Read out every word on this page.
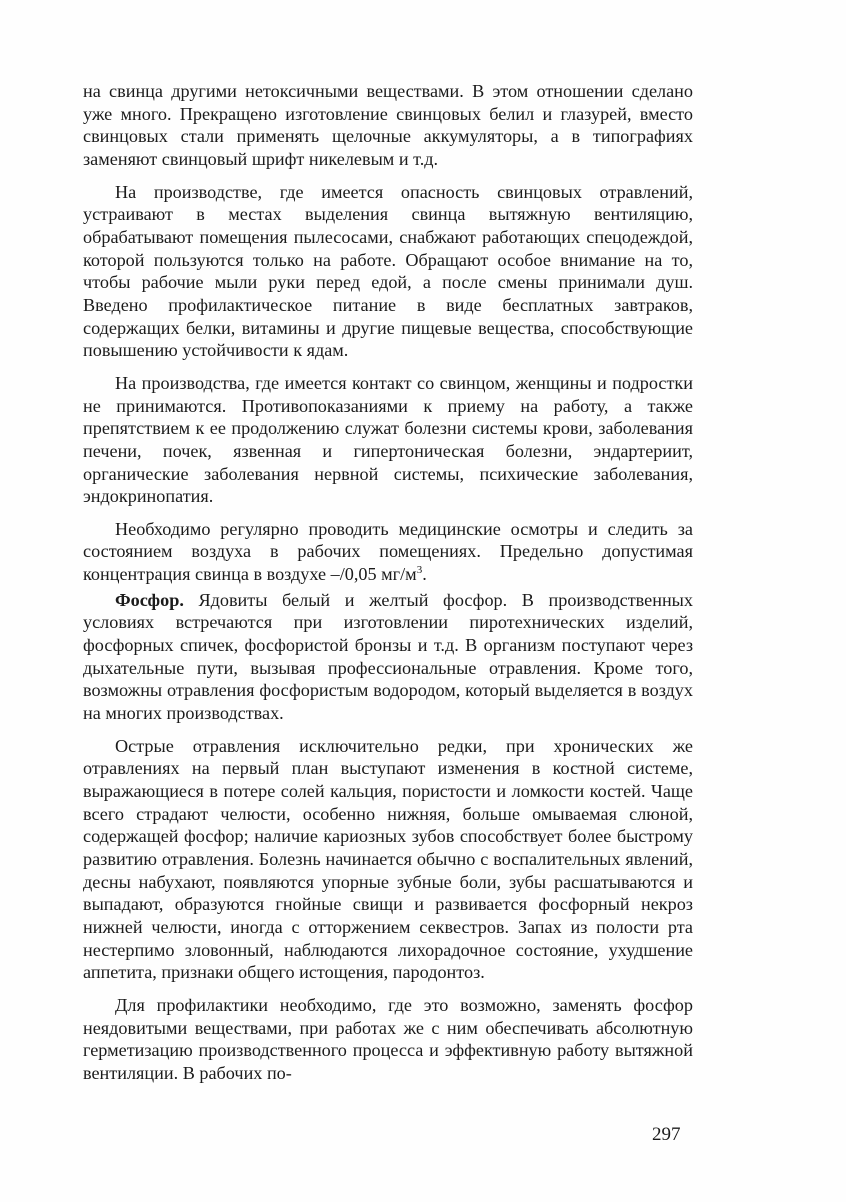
на свинца другими нетоксичными веществами. В этом отношении сделано уже много. Прекращено изготовление свинцовых белил и глазурей, вместо свинцовых стали применять щелочные аккумуляторы, а в типографиях заменяют свинцовый шрифт никелевым и т.д.

На производстве, где имеется опасность свинцовых отравлений, устраивают в местах выделения свинца вытяжную вентиляцию, обрабатывают помещения пылесосами, снабжают работающих спецодеждой, которой пользуются только на работе. Обращают особое внимание на то, чтобы рабочие мыли руки перед едой, а после смены принимали душ. Введено профилактическое питание в виде бесплатных завтраков, содержащих белки, витамины и другие пищевые вещества, способствующие повышению устойчивости к ядам.

На производства, где имеется контакт со свинцом, женщины и подростки не принимаются. Противопоказаниями к приему на работу, а также препятствием к ее продолжению служат болезни системы крови, заболевания печени, почек, язвенная и гипертоническая болезни, эндартериит, органические заболевания нервной системы, психические заболевания, эндокринопатия.

Необходимо регулярно проводить медицинские осмотры и следить за состоянием воздуха в рабочих помещениях. Предельно допустимая концентрация свинца в воздухе –/0,05 $мг/м^3$.

Фосфор. Ядовиты белый и желтый фосфор. В производственных условиях встречаются при изготовлении пиротехнических изделий, фосфорных спичек, фосфористой бронзы и т.д. В организм поступают через дыхательные пути, вызывая профессиональные отравления. Кроме того, возможны отравления фосфористым водородом, который выделяется в воздух на многих производствах.

Острые отравления исключительно редки, при хронических же отравлениях на первый план выступают изменения в костной системе, выражающиеся в потере солей кальция, пористости и ломкости костей. Чаще всего страдают челюсти, особенно нижняя, больше омываемая слюной, содержащей фосфор; наличие кариозных зубов способствует более быстрому развитию отравления. Болезнь начинается обычно с воспалительных явлений, десны набухают, появляются упорные зубные боли, зубы расшатываются и выпадают, образуются гнойные свищи и развивается фосфорный некроз нижней челюсти, иногда с отторжением секвестров. Запах из полости рта нестерпимо зловонный, наблюдаются лихорадочное состояние, ухудшение аппетита, признаки общего истощения, пародонтоз.

Для профилактики необходимо, где это возможно, заменять фосфор неядовитыми веществами, при работах же с ним обеспечивать абсолютную герметизацию производственного процесса и эффективную работу вытяжной вентиляции. В рабочих по-

297
